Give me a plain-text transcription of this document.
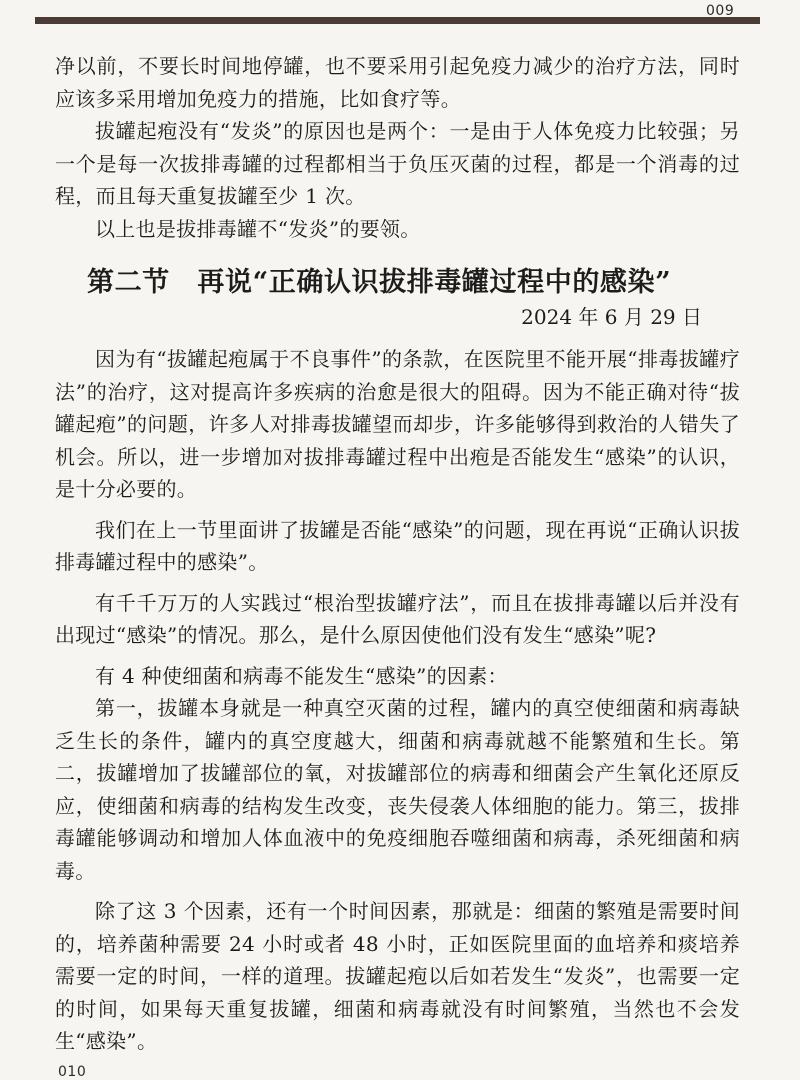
009

净以前，不要长时间地停罐，也不要采用引起免疫力减少的治疗方法，同时应该多采用增加免疫力的措施，比如食疗等。

拔罐起疱没有“发炎”的原因也是两个：一是由于人体免疫力比较强；另一个是每一次拔排毒罐的过程都相当于负压灭菌的过程，都是一个消毒的过程，而且每天重复拔罐至少 1 次。

以上也是拔排毒罐不“发炎”的要领。

第二节　再说“正确认识拔排毒罐过程中的感染”
2024 年 6 月 29 日

因为有“拔罐起疱属于不良事件”的条款，在医院里不能开展“排毒拔罐疗法”的治疗，这对提高许多疾病的治愈是很大的阻碍。因为不能正确对待“拔罐起疱”的问题，许多人对排毒拔罐望而却步，许多能够得到救治的人错失了机会。所以，进一步增加对拔排毒罐过程中出疱是否能发生“感染”的认识，是十分必要的。

我们在上一节里面讲了拔罐是否能“感染”的问题，现在再说“正确认识拔排毒罐过程中的感染”。

有千千万万的人实践过“根治型拔罐疗法”，而且在拔排毒罐以后并没有出现过“感染”的情况。那么，是什么原因使他们没有发生“感染”呢?

有 4 种使细菌和病毒不能发生“感染”的因素：

第一，拔罐本身就是一种真空灭菌的过程，罐内的真空使细菌和病毒缺乏生长的条件，罐内的真空度越大，细菌和病毒就越不能繁殖和生长。第二，拔罐增加了拔罐部位的氧，对拔罐部位的病毒和细菌会产生氧化还原反应，使细菌和病毒的结构发生改变，丧失侵袭人体细胞的能力。第三，拔排毒罐能够调动和增加人体血液中的免疫细胞吞噬细菌和病毒，杀死细菌和病毒。

除了这 3 个因素，还有一个时间因素，那就是：细菌的繁殖是需要时间的，培养菌种需要 24 小时或者 48 小时，正如医院里面的血培养和痰培养需要一定的时间，一样的道理。拔罐起疱以后如若发生“发炎”，也需要一定的时间，如果每天重复拔罐，细菌和病毒就没有时间繁殖，当然也不会发生“感染”。

010
